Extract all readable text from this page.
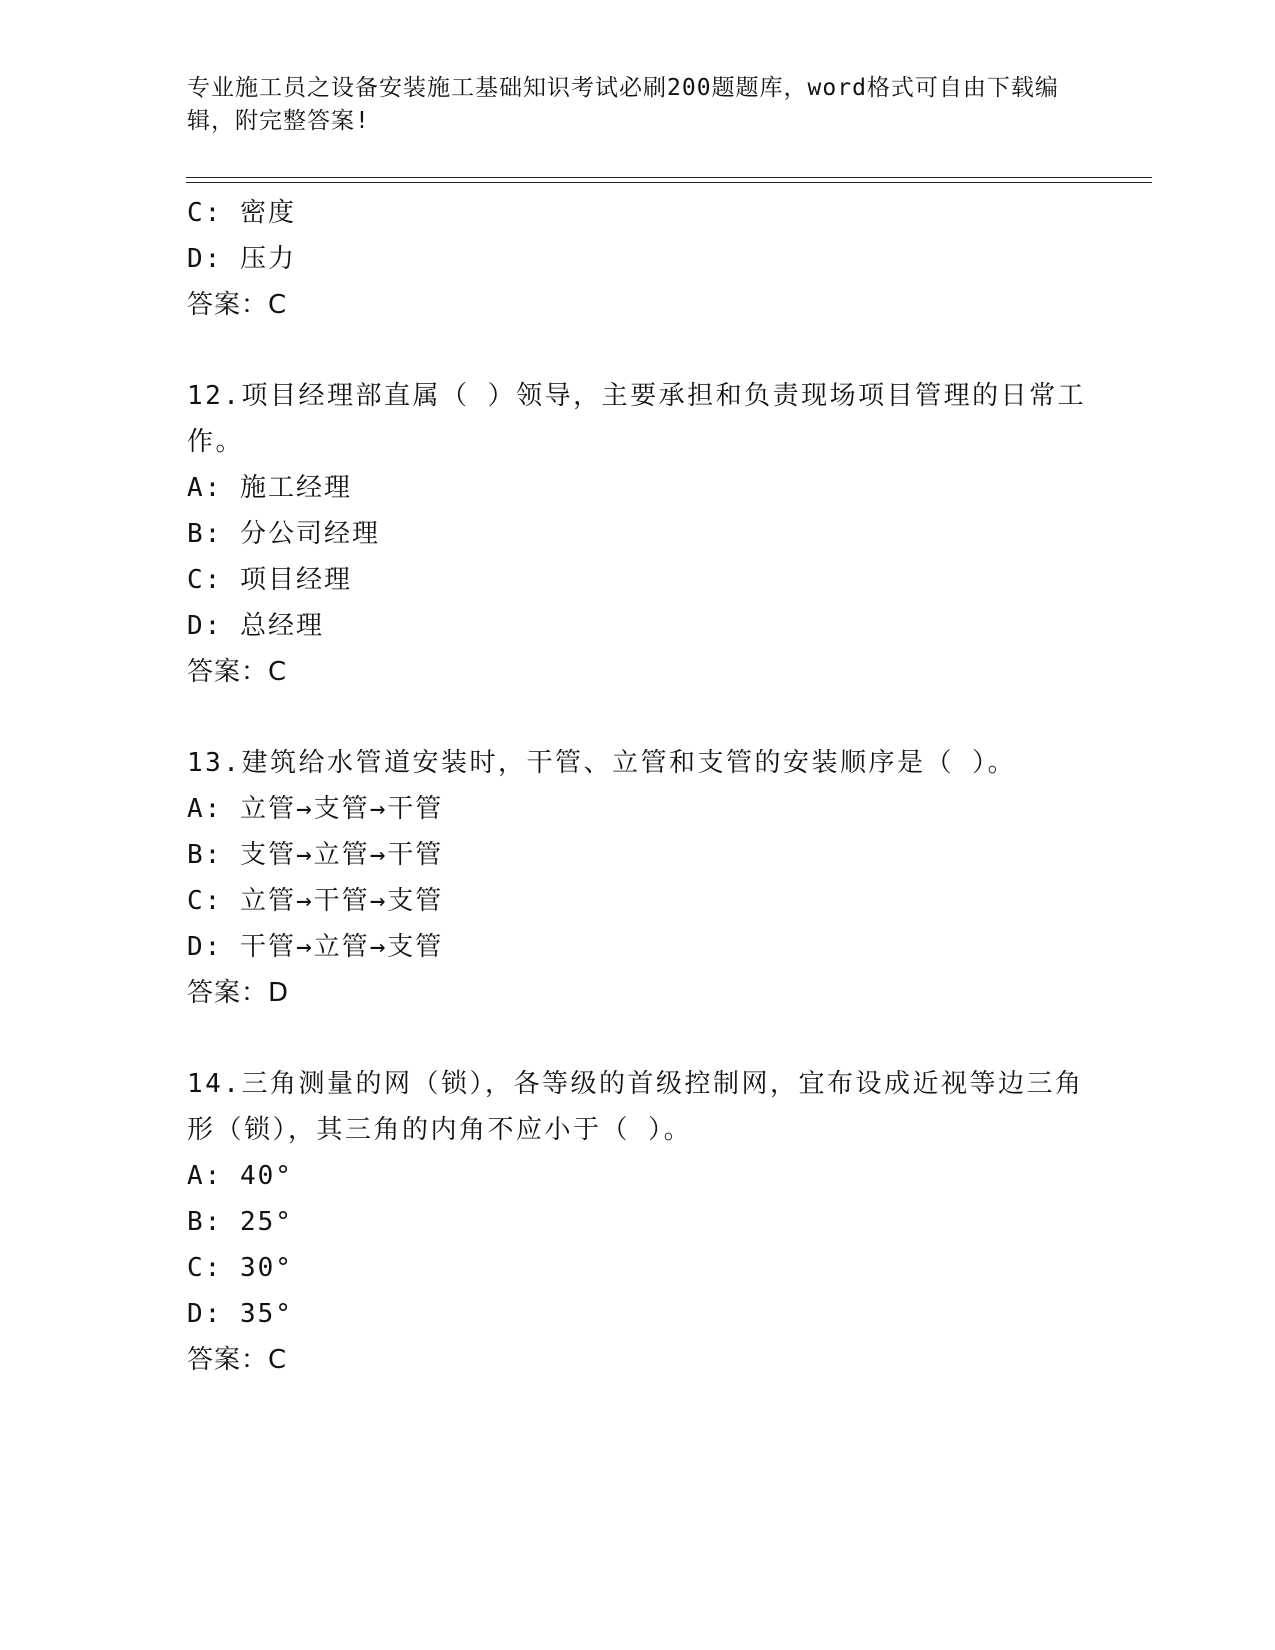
专业施工员之设备安装施工基础知识考试必刷200题题库，word格式可自由下载编辑，附完整答案!
C: 密度
D: 压力
答案：C
12.项目经理部直属（ ）领导，主要承担和负责现场项目管理的日常工作。
A: 施工经理
B: 分公司经理
C: 项目经理
D: 总经理
答案：C
13.建筑给水管道安装时，干管、立管和支管的安装顺序是（ ）。
A: 立管→支管→干管
B: 支管→立管→干管
C: 立管→干管→支管
D: 干管→立管→支管
答案：D
14.三角测量的网（锁），各等级的首级控制网，宜布设成近视等边三角形（锁），其三角的内角不应小于（ ）。
A: 40°
B: 25°
C: 30°
D: 35°
答案：C
